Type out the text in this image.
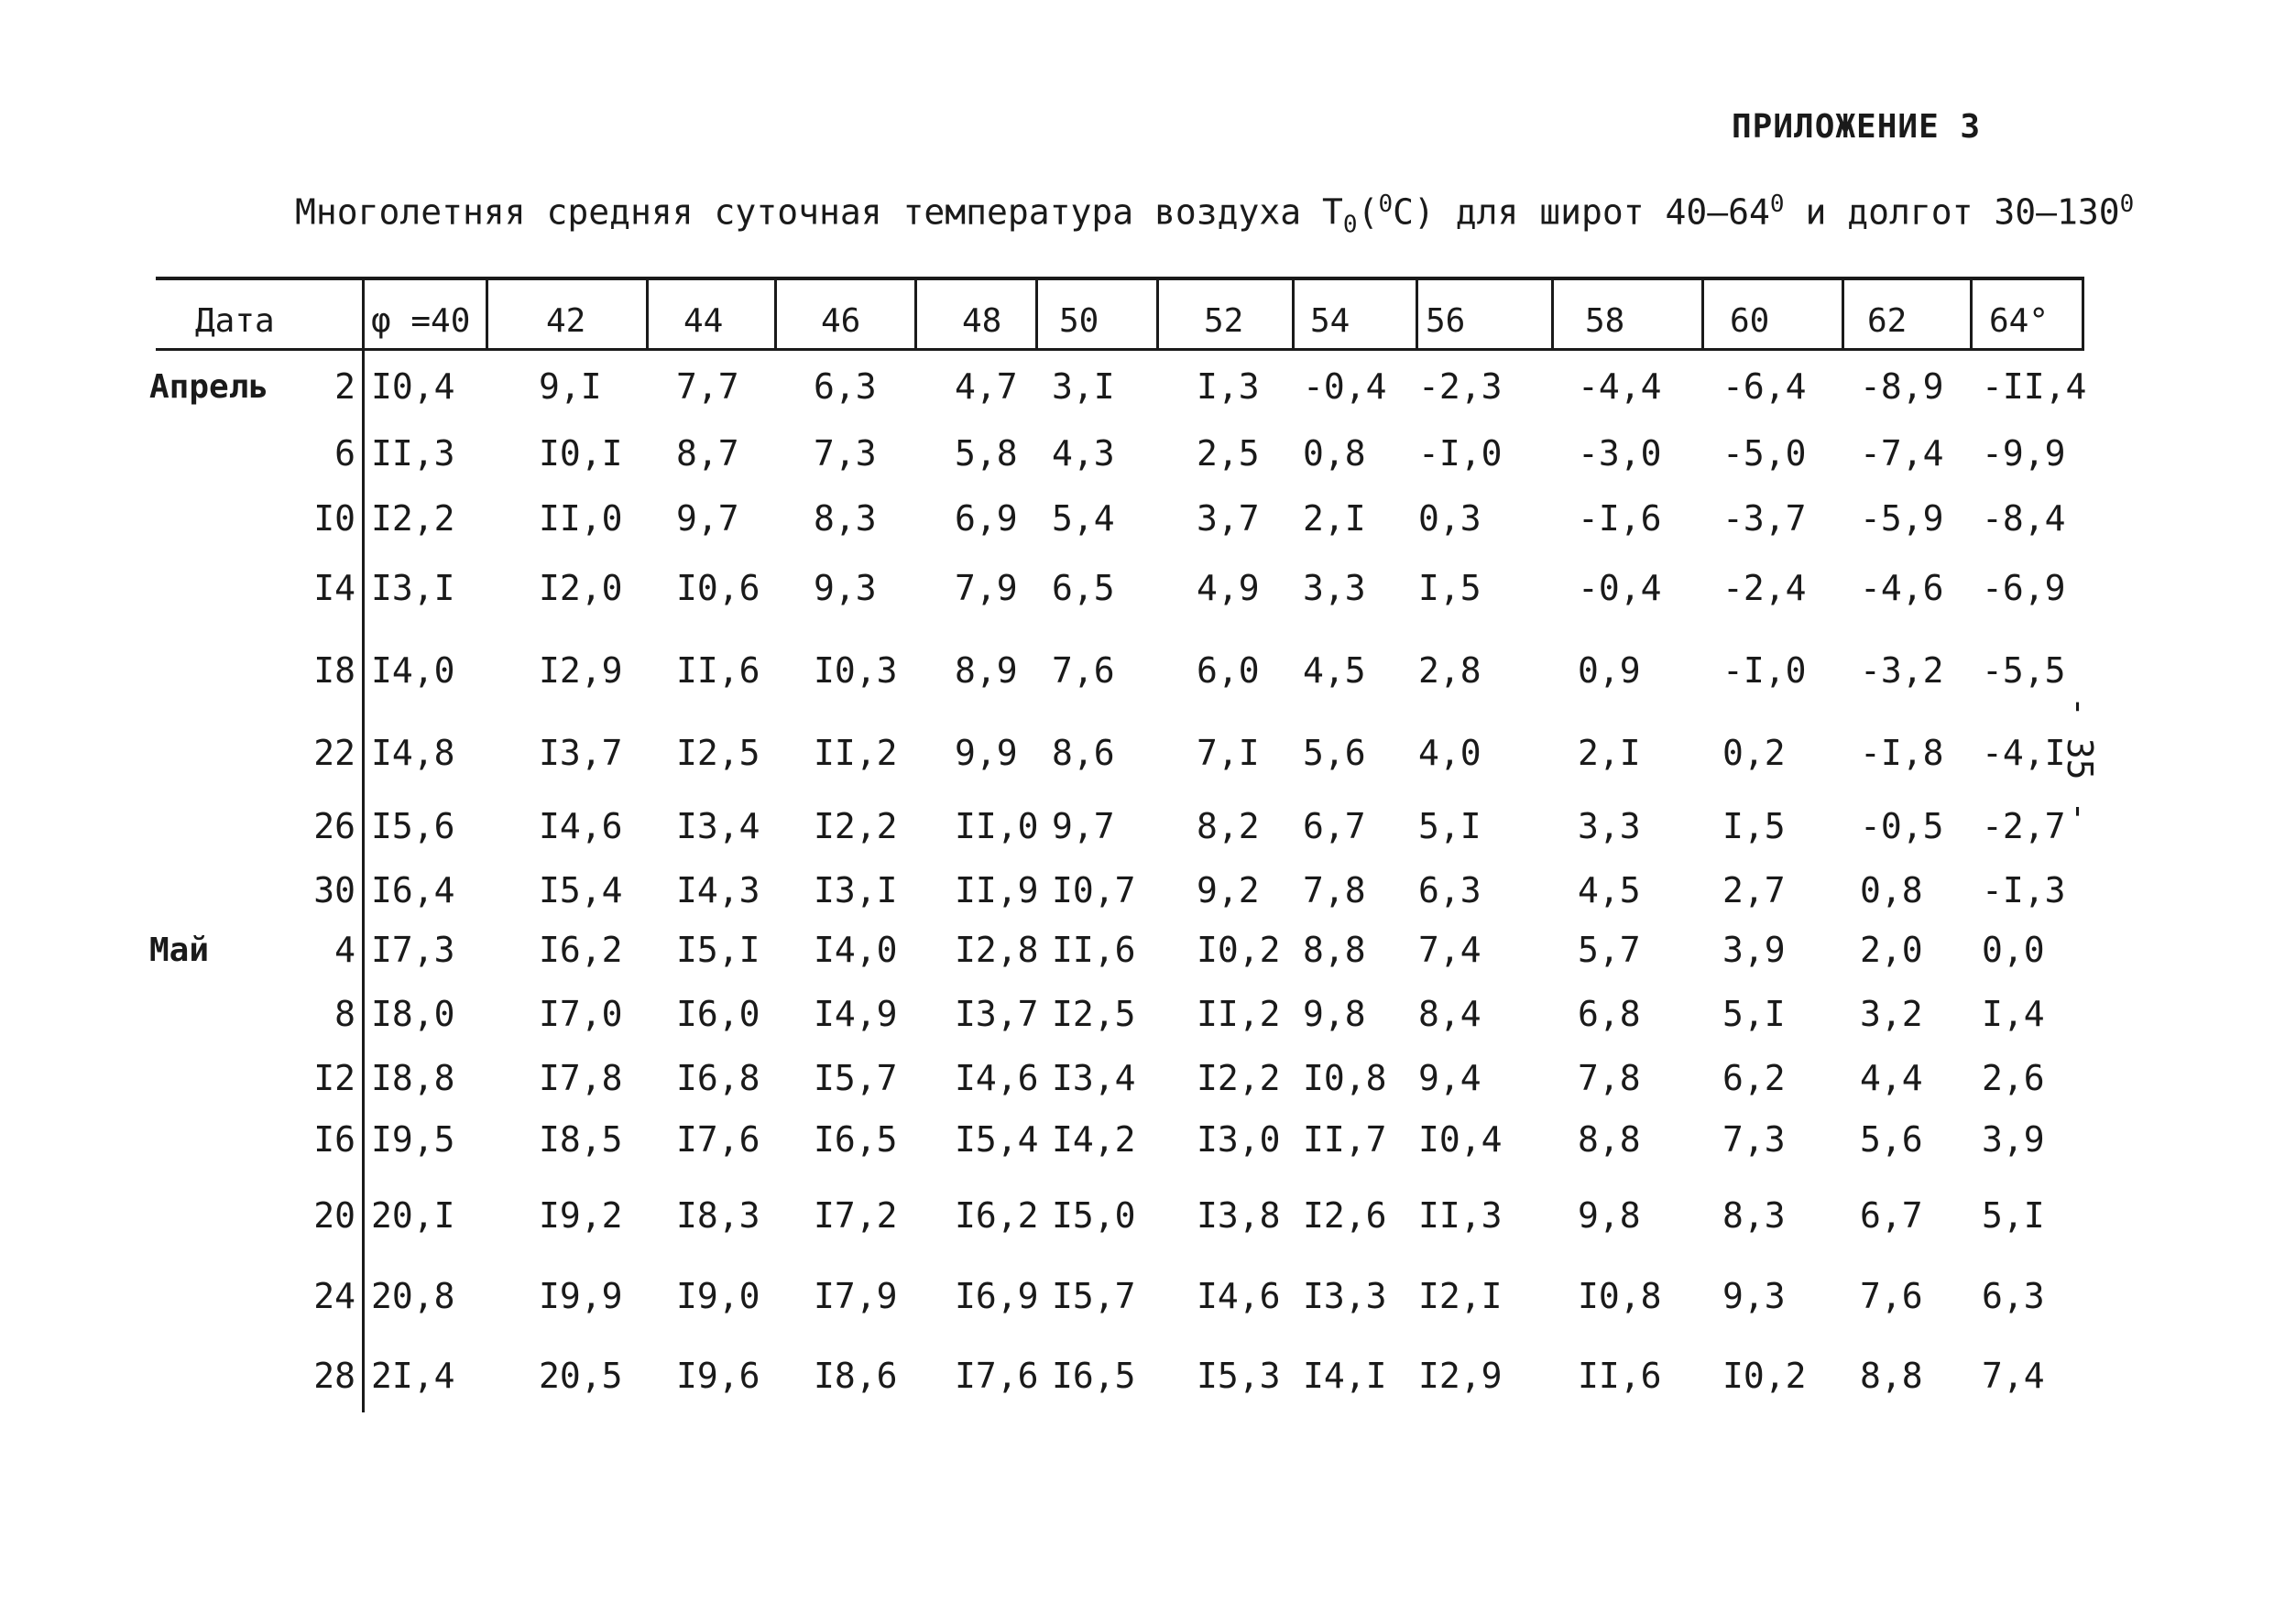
ПРИЛОЖЕНИЕ 3
Многолетняя средняя суточная температура воздуха $Т_0(^0С)$ для широт $40-64^0$ и долгот $30-130^0$
- 35 -
Дата	φ =40 42	44	46	48 50	52 54 56	58	60	62 64°
Апрель	2 I0,4 9,I 7,7 6,3 4,7 3,I I,3 -0,4 -2,3 -4,4 -6,4 -8,9 -II,4
6 II,3 I0,I 8,7 7,3 5,8 4,3 2,5 0,8 -I,0 -3,0 -5,0 -7,4 -9,9
I0 I2,2 II,0 9,7 8,3 6,9 5,4 3,7 2,I 0,3	-I,6 -3,7 -5,9 -8,4
I4 I3,I I2,0 I0,6 9,3 7,9 6,5 4,9 3,3 I,5	-0,4 -2,4 -4,6 -6,9
I8 I4,0 I2,9 II,6 I0,3 8,9 7,6 6,0 4,5 2,8	0,9 -I,0 -3,2 -5,5
22 I4,8 I3,7 I2,5 II,2 9,9 8,6 7,I 5,6 4,0	2,I 0,2 -I,8 -4,I
26 I5,6 I4,6 I3,4 I2,2 II,0 9,7 8,2 6,7 5,I	3,3 I,5 -0,5 -2,7
30 I6,4 I5,4 I4,3 I3,I II,9 I0,7 9,2 7,8 6,3	4,5 2,7 0,8 -I,3
Май	4 I7,3 I6,2 I5,I I4,0 I2,8 II,6 I0,2 8,8 7,4	5,7 3,9 2,0 0,0
8 I8,0 I7,0 I6,0 I4,9 I3,7 I2,5 II,2 9,8 8,4	6,8 5,I 3,2 I,4
I2 I8,8 I7,8 I6,8 I5,7 I4,6 I3,4 I2,2 I0,8 9,4	7,8 6,2 4,4 2,6
I6 I9,5 I8,5 I7,6 I6,5 I5,4 I4,2 I3,0 II,7 I0,4 8,8 7,3 5,6 3,9
20 20,I I9,2 I8,3 I7,2 I6,2 I5,0 I3,8 I2,6 II,3 9,8 8,3 6,7 5,I
24 20,8 I9,9 I9,0 I7,9 I6,9 I5,7 I4,6 I3,3 I2,I I0,8 9,3 7,6 6,3
28 2I,4 20,5 I9,6 I8,6 I7,6 I6,5 I5,3 I4,I I2,9 II,6 I0,2 8,8 7,4
